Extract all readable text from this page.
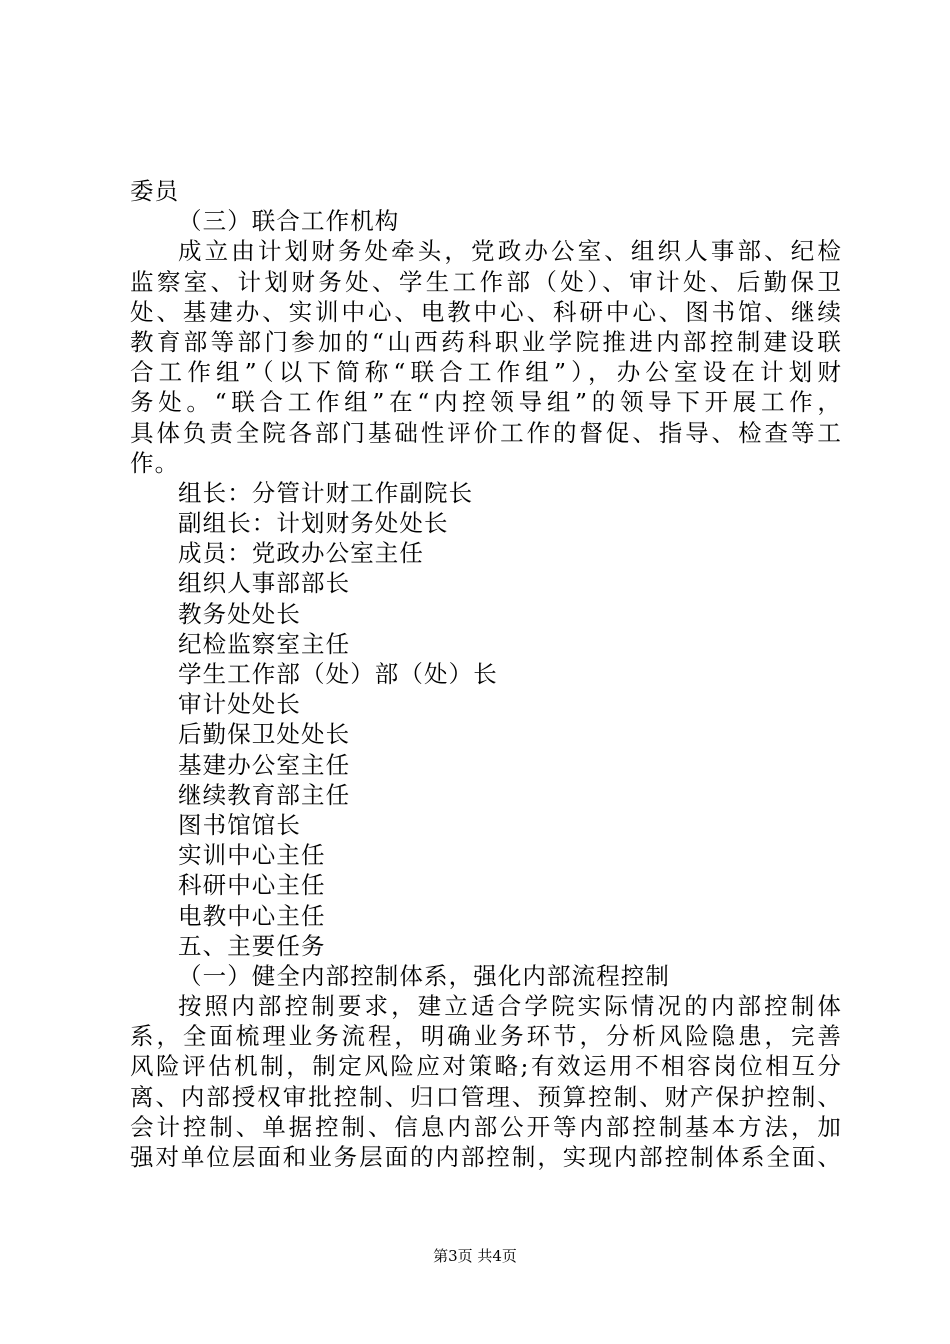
委员
（三）联合工作机构
成立由计划财务处牵头，党政办公室、组织人事部、纪检
监察室、计划财务处、学生工作部（处）、审计处、后勤保卫
处、基建办、实训中心、电教中心、科研中心、图书馆、继续
教育部等部门参加的“山西药科职业学院推进内部控制建设联
合工作组”（以下简称“联合工作组”），办公室设在计划财
务处。“联合工作组”在“内控领导组”的领导下开展工作，
具体负责全院各部门基础性评价工作的督促、指导、检查等工
作。
组长：分管计财工作副院长
副组长：计划财务处处长
成员：党政办公室主任
组织人事部部长
教务处处长
纪检监察室主任
学生工作部（处）部（处）长
审计处处长
后勤保卫处处长
基建办公室主任
继续教育部主任
图书馆馆长
实训中心主任
科研中心主任
电教中心主任
五、主要任务
（一）健全内部控制体系，强化内部流程控制
按照内部控制要求，建立适合学院实际情况的内部控制体
系，全面梳理业务流程，明确业务环节，分析风险隐患，完善
风险评估机制，制定风险应对策略;有效运用不相容岗位相互分
离、内部授权审批控制、归口管理、预算控制、财产保护控制、
会计控制、单据控制、信息内部公开等内部控制基本方法，加
强对单位层面和业务层面的内部控制，实现内部控制体系全面、
第3页 共4页
